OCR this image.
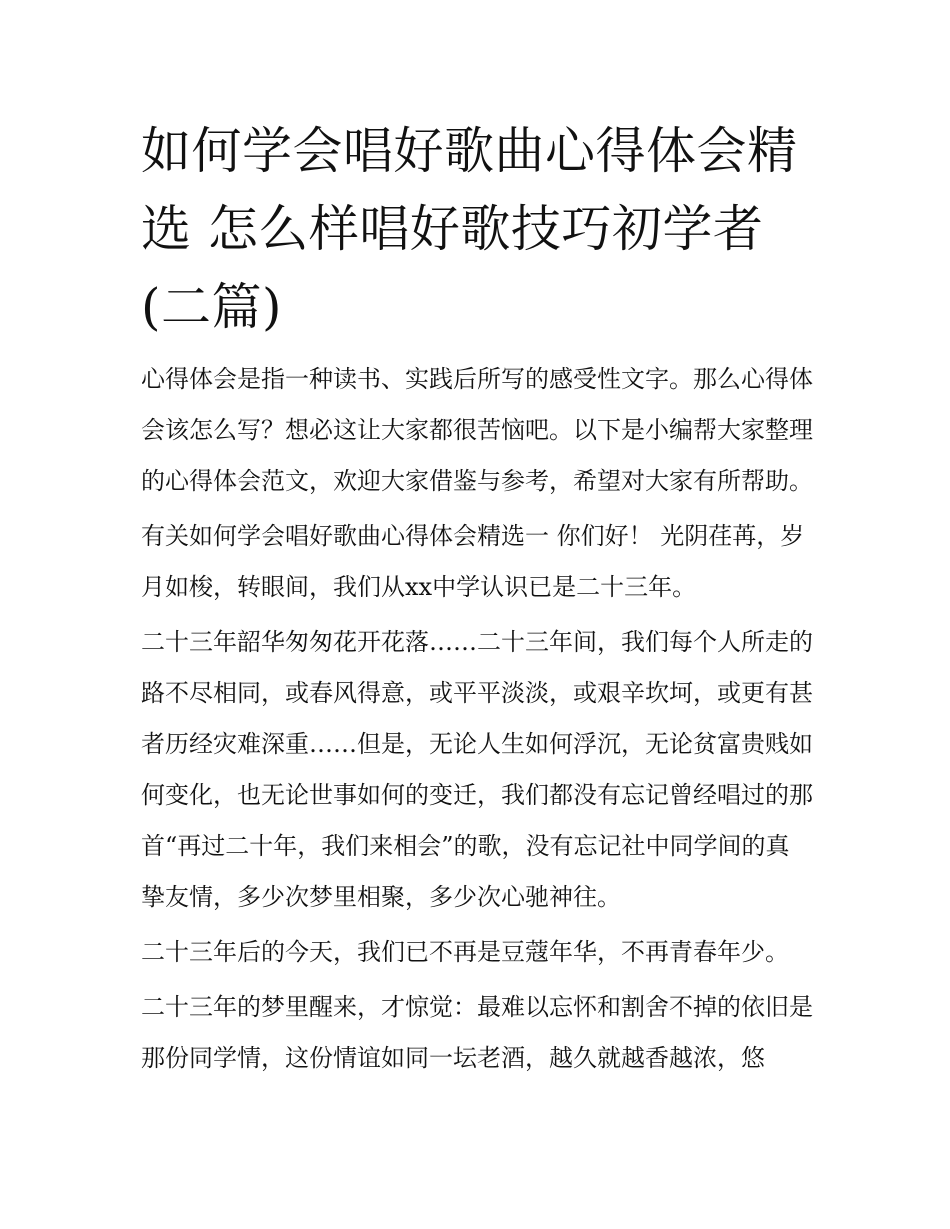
如何学会唱好歌曲心得体会精选 怎么样唱好歌技巧初学者(二篇)

心得体会是指一种读书、实践后所写的感受性文字。那么心得体会该怎么写？想必这让大家都很苦恼吧。以下是小编帮大家整理的心得体会范文，欢迎大家借鉴与参考，希望对大家有所帮助。

有关如何学会唱好歌曲心得体会精选一 你们好！ 光阴荏苒，岁月如梭，转眼间，我们从xx中学认识已是二十三年。

二十三年韶华匆匆花开花落……二十三年间，我们每个人所走的路不尽相同，或春风得意，或平平淡淡，或艰辛坎坷，或更有甚者历经灾难深重……但是，无论人生如何浮沉，无论贫富贵贱如何变化，也无论世事如何的变迁，我们都没有忘记曾经唱过的那首“再过二十年，我们来相会”的歌，没有忘记社中同学间的真挚友情，多少次梦里相聚，多少次心驰神往。

二十三年后的今天，我们已不再是豆蔻年华，不再青春年少。

二十三年的梦里醒来，才惊觉：最难以忘怀和割舍不掉的依旧是那份同学情，这份情谊如同一坛老酒，越久就越香越浓，悠
